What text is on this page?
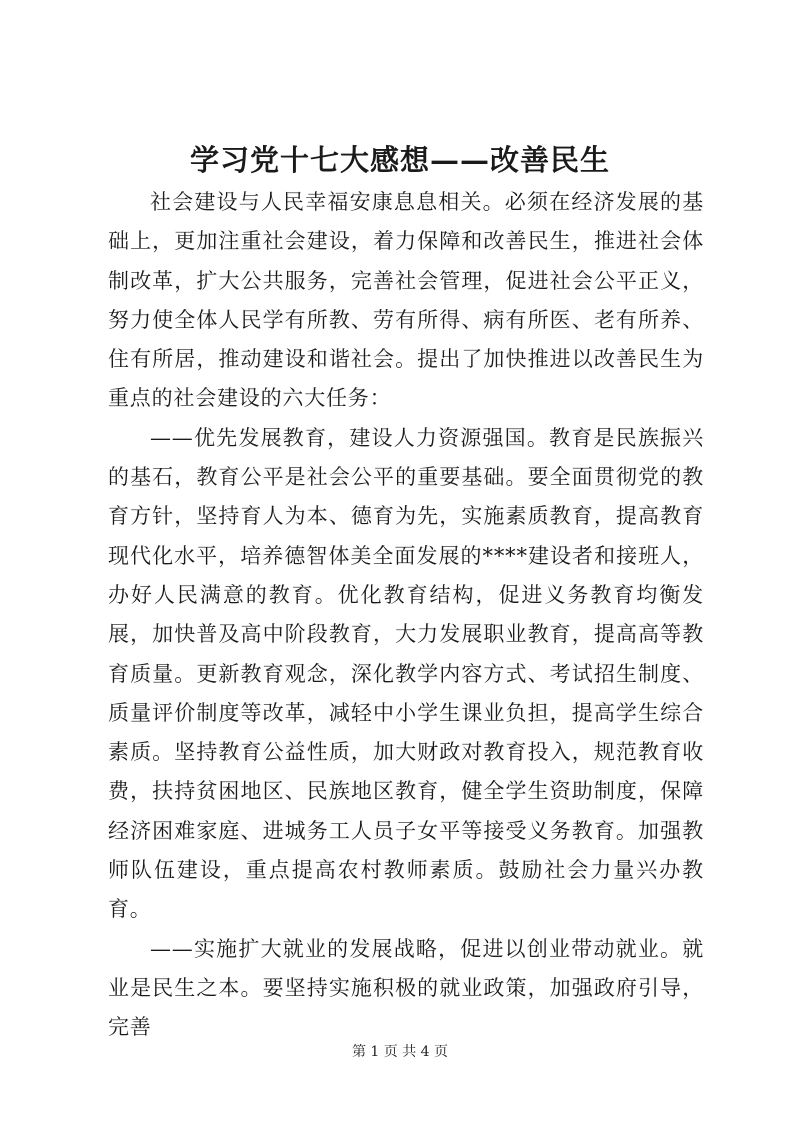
学习党十七大感想——改善民生

社会建设与人民幸福安康息息相关。必须在经济发展的基础上，更加注重社会建设，着力保障和改善民生，推进社会体制改革，扩大公共服务，完善社会管理，促进社会公平正义，努力使全体人民学有所教、劳有所得、病有所医、老有所养、住有所居，推动建设和谐社会。提出了加快推进以改善民生为重点的社会建设的六大任务：

——优先发展教育，建设人力资源强国。教育是民族振兴的基石，教育公平是社会公平的重要基础。要全面贯彻党的教育方针，坚持育人为本、德育为先，实施素质教育，提高教育现代化水平，培养德智体美全面发展的****建设者和接班人，办好人民满意的教育。优化教育结构，促进义务教育均衡发展，加快普及高中阶段教育，大力发展职业教育，提高高等教育质量。更新教育观念，深化教学内容方式、考试招生制度、质量评价制度等改革，减轻中小学生课业负担，提高学生综合素质。坚持教育公益性质，加大财政对教育投入，规范教育收费，扶持贫困地区、民族地区教育，健全学生资助制度，保障经济困难家庭、进城务工人员子女平等接受义务教育。加强教师队伍建设，重点提高农村教师素质。鼓励社会力量兴办教育。

——实施扩大就业的发展战略，促进以创业带动就业。就业是民生之本。要坚持实施积极的就业政策，加强政府引导，完善

第 1 页 共 4 页
